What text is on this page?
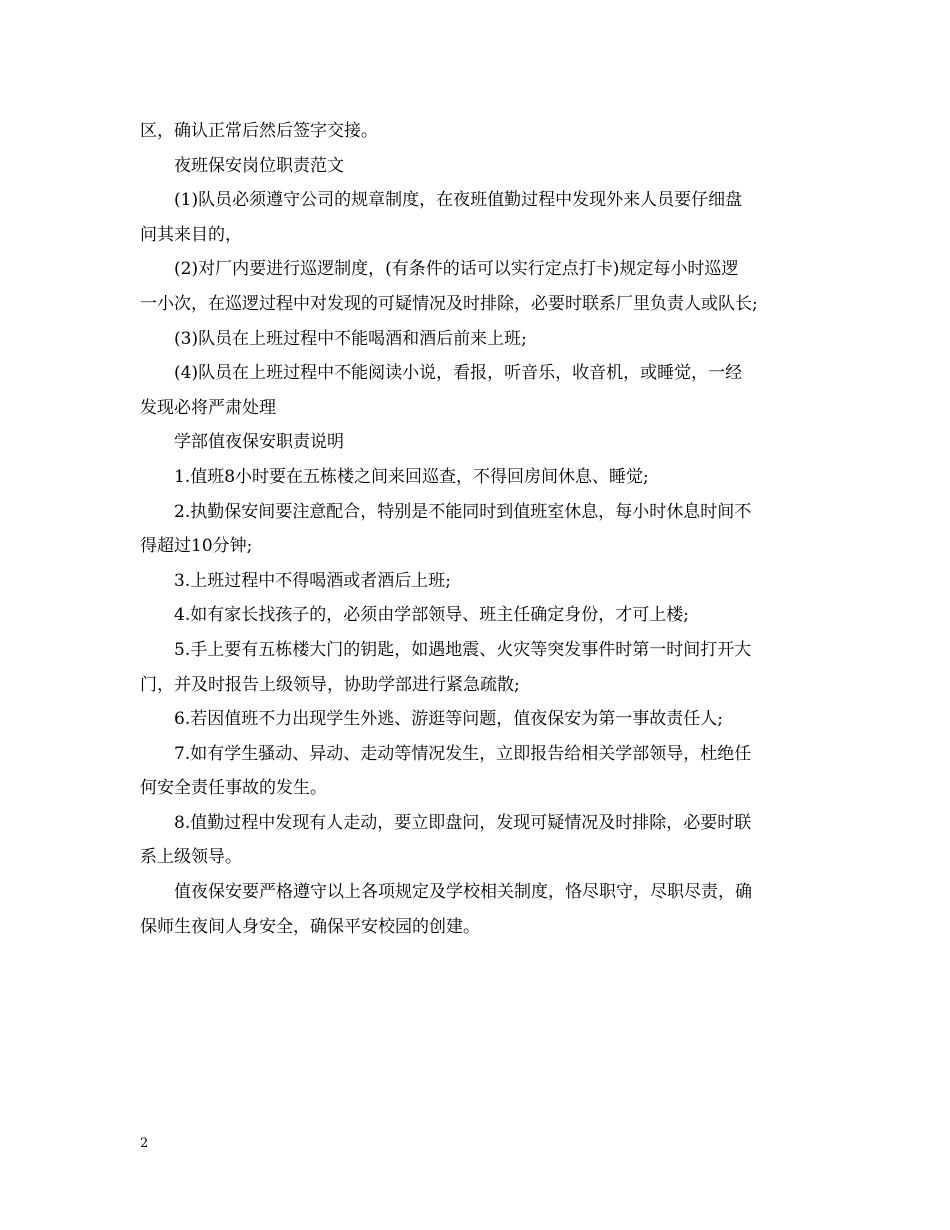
区，确认正常后然后签字交接。
夜班保安岗位职责范文
(1)队员必须遵守公司的规章制度，在夜班值勤过程中发现外来人员要仔细盘
问其来目的，
(2)对厂内要进行巡逻制度，(有条件的话可以实行定点打卡)规定每小时巡逻
一小次，在巡逻过程中对发现的可疑情况及时排除，必要时联系厂里负责人或队长;
(3)队员在上班过程中不能喝酒和酒后前来上班;
(4)队员在上班过程中不能阅读小说，看报，听音乐，收音机，或睡觉，一经
发现必将严肃处理
学部值夜保安职责说明
1.值班8小时要在五栋楼之间来回巡查，不得回房间休息、睡觉;
2.执勤保安间要注意配合，特别是不能同时到值班室休息，每小时休息时间不
得超过10分钟;
3.上班过程中不得喝酒或者酒后上班;
4.如有家长找孩子的，必须由学部领导、班主任确定身份，才可上楼;
5.手上要有五栋楼大门的钥匙，如遇地震、火灾等突发事件时第一时间打开大
门，并及时报告上级领导，协助学部进行紧急疏散;
6.若因值班不力出现学生外逃、游逛等问题，值夜保安为第一事故责任人;
7.如有学生骚动、异动、走动等情况发生，立即报告给相关学部领导，杜绝任
何安全责任事故的发生。
8.值勤过程中发现有人走动，要立即盘问，发现可疑情况及时排除，必要时联
系上级领导。
值夜保安要严格遵守以上各项规定及学校相关制度，恪尽职守，尽职尽责，确
保师生夜间人身安全，确保平安校园的创建。
2
